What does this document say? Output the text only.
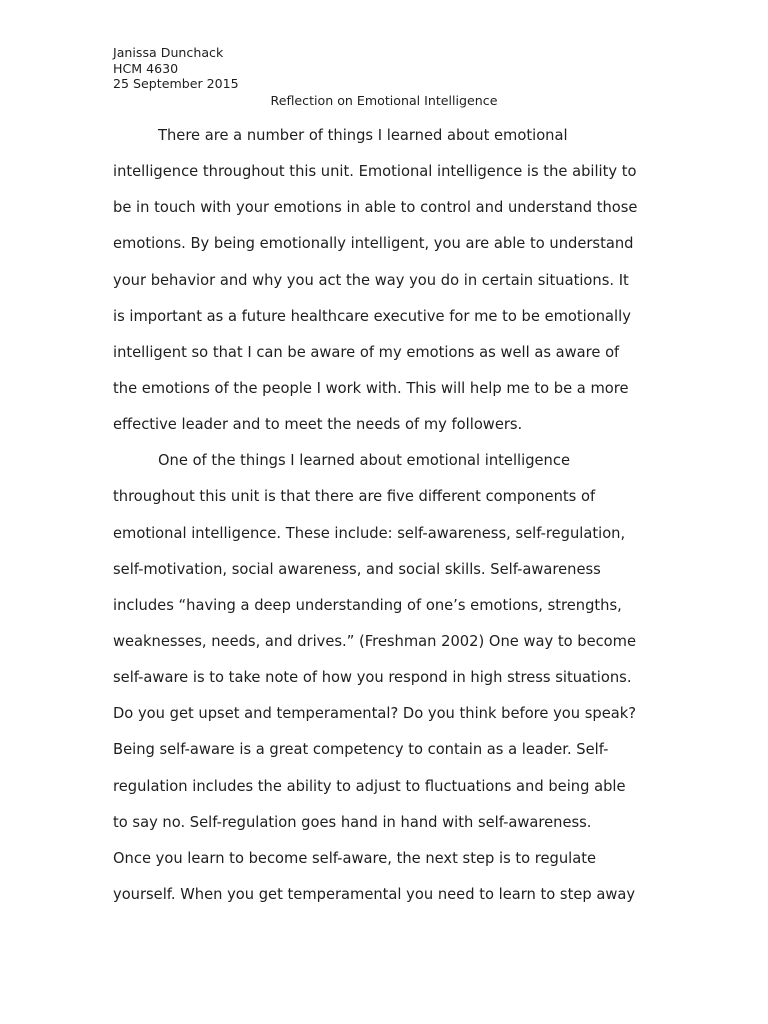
Janissa Dunchack
HCM 4630
25 September 2015
Reflection on Emotional Intelligence
There are a number of things I learned about emotional
intelligence throughout this unit. Emotional intelligence is the ability to
be in touch with your emotions in able to control and understand those
emotions. By being emotionally intelligent, you are able to understand
your behavior and why you act the way you do in certain situations. It
is important as a future healthcare executive for me to be emotionally
intelligent so that I can be aware of my emotions as well as aware of
the emotions of the people I work with. This will help me to be a more
effective leader and to meet the needs of my followers.
One of the things I learned about emotional intelligence
throughout this unit is that there are five different components of
emotional intelligence. These include: self-awareness, self-regulation,
self-motivation, social awareness, and social skills. Self-awareness
includes “having a deep understanding of one’s emotions, strengths,
weaknesses, needs, and drives.” (Freshman 2002) One way to become
self-aware is to take note of how you respond in high stress situations.
Do you get upset and temperamental? Do you think before you speak?
Being self-aware is a great competency to contain as a leader. Self-
regulation includes the ability to adjust to fluctuations and being able
to say no. Self-regulation goes hand in hand with self-awareness.
Once you learn to become self-aware, the next step is to regulate
yourself. When you get temperamental you need to learn to step away
